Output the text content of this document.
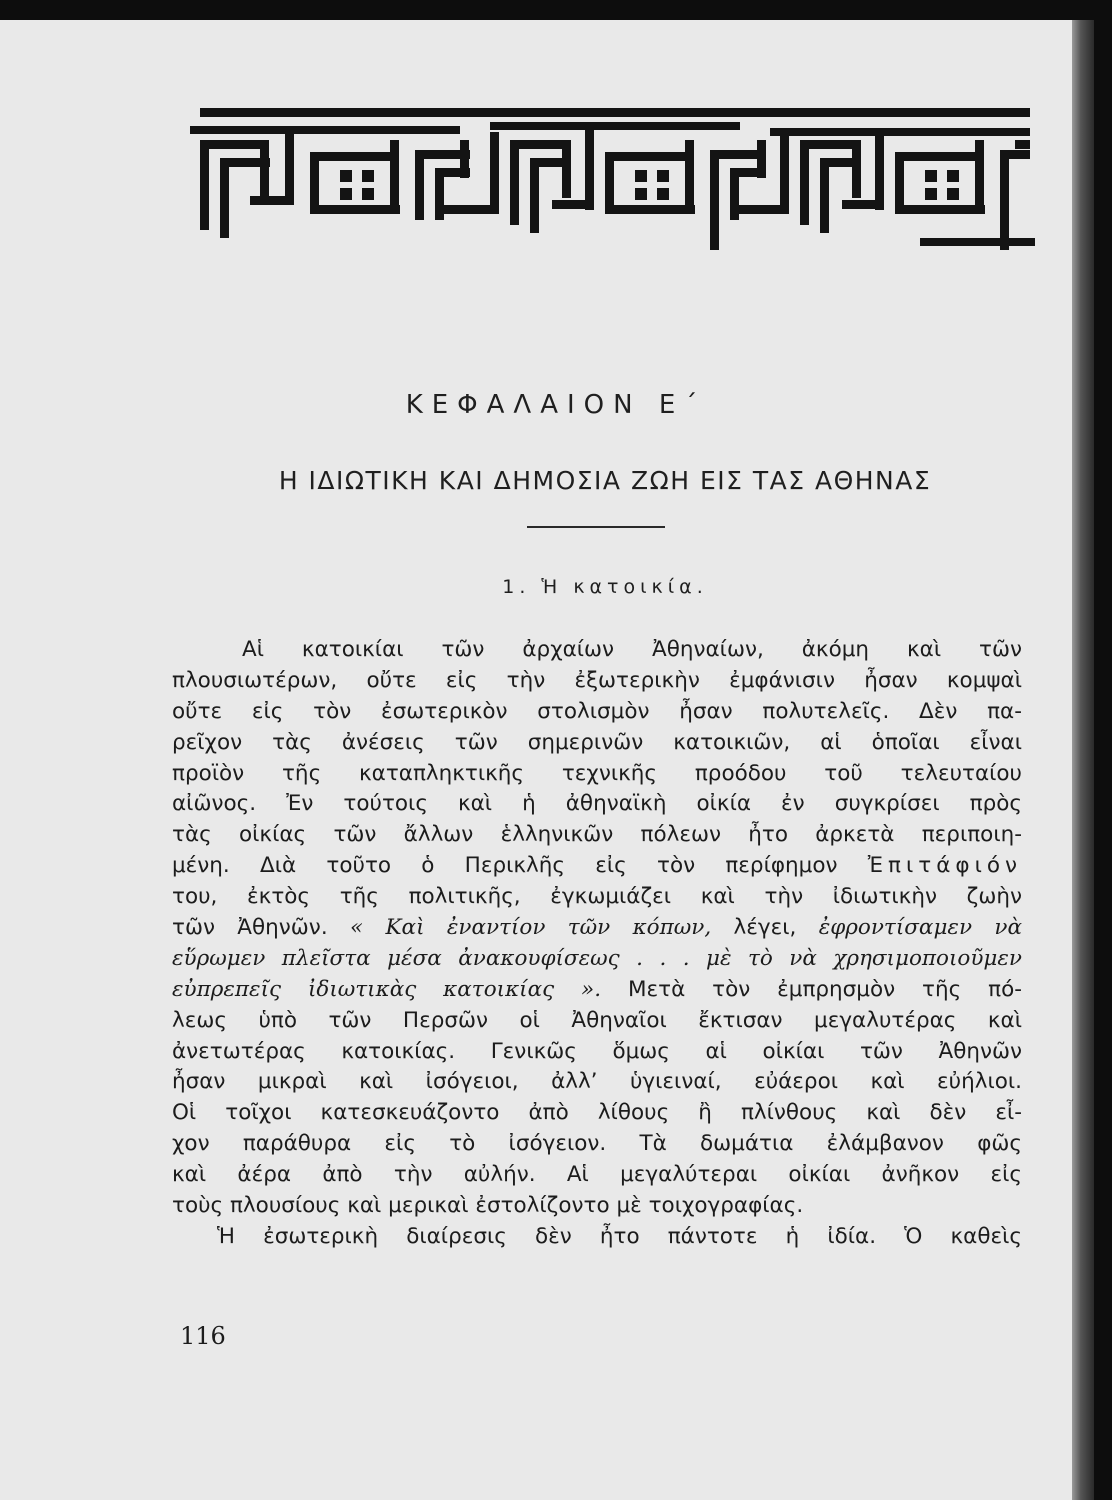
ΚΕΦΑΛΑΙΟΝ Ε΄
Η ΙΔΙΩΤΙΚΗ ΚΑΙ ΔΗΜΟΣΙΑ ΖΩΗ ΕΙΣ ΤΑΣ ΑΘΗΝΑΣ
1. Ἡ κατοικία.
Αἱ κατοικίαι τῶν ἀρχαίων Ἀθηναίων, ἀκόμη καὶ τῶν
πλουσιωτέρων, οὔτε εἰς τὴν ἐξωτερικὴν ἐμφάνισιν ἦσαν κομψαὶ
οὔτε εἰς τὸν ἐσωτερικὸν στολισμὸν ἦσαν πολυτελεῖς. Δὲν πα-
ρεῖχον τὰς ἀνέσεις τῶν σημερινῶν κατοικιῶν, αἱ ὁποῖαι εἶναι
προϊὸν τῆς καταπληκτικῆς τεχνικῆς προόδου τοῦ τελευταίου
αἰῶνος. Ἐν τούτοις καὶ ἡ ἀθηναϊκὴ οἰκία ἐν συγκρίσει πρὸς
τὰς οἰκίας τῶν ἄλλων ἑλληνικῶν πόλεων ἦτο ἀρκετὰ περιποιη-
μένη. Διὰ τοῦτο ὁ Περικλῆς εἰς τὸν περίφημον Ἐπιτάφιόν
του, ἐκτὸς τῆς πολιτικῆς, ἐγκωμιάζει καὶ τὴν ἰδιωτικὴν ζωὴν
τῶν Ἀθηνῶν. « Καὶ ἐναντίον τῶν κόπων, λέγει, ἐφροντίσαμεν νὰ
εὕρωμεν πλεῖστα μέσα ἀνακουφίσεως . . . μὲ τὸ νὰ χρησιμοποιοῦμεν
εὐπρεπεῖς ἰδιωτικὰς κατοικίας ». Μετὰ τὸν ἐμπρησμὸν τῆς πό-
λεως ὑπὸ τῶν Περσῶν οἱ Ἀθηναῖοι ἔκτισαν μεγαλυτέρας καὶ
ἀνετωτέρας κατοικίας. Γενικῶς ὅμως αἱ οἰκίαι τῶν Ἀθηνῶν
ἦσαν μικραὶ καὶ ἰσόγειοι, ἀλλ’ ὑγιειναί, εὐάεροι καὶ εὐήλιοι.
Οἱ τοῖχοι κατεσκευάζοντο ἀπὸ λίθους ἢ πλίνθους καὶ δὲν εἶ-
χον παράθυρα εἰς τὸ ἰσόγειον. Τὰ δωμάτια ἐλάμβανον φῶς
καὶ ἀέρα ἀπὸ τὴν αὐλήν. Αἱ μεγαλύτεραι οἰκίαι ἀνῆκον εἰς
τοὺς πλουσίους καὶ μερικαὶ ἐστολίζοντο μὲ τοιχογραφίας.
Ἡ ἐσωτερικὴ διαίρεσις δὲν ἦτο πάντοτε ἡ ἰδία. Ὁ καθεὶς

116
